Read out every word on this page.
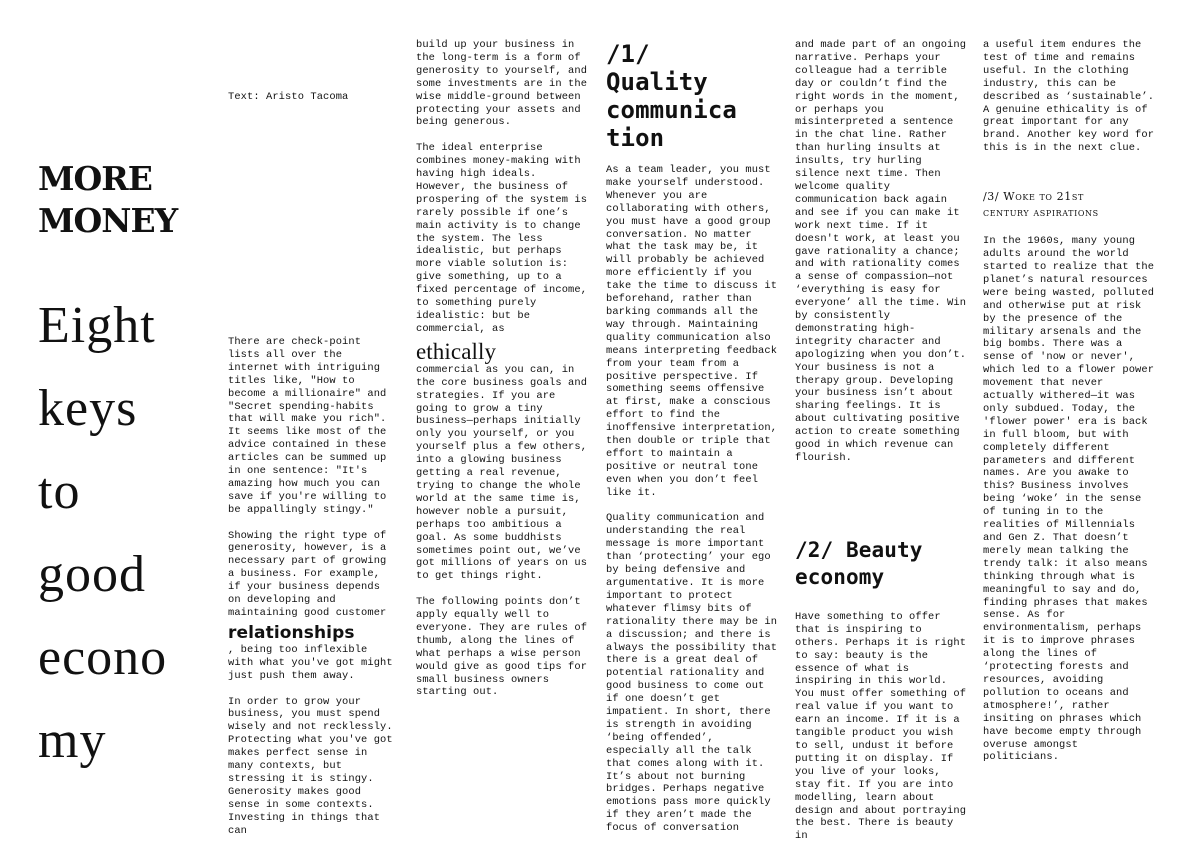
Text: Aristo Tacoma
MORE
MONEY
Eight
keys
to
good
econo
my

There are check-point lists all over the internet with intriguing titles like, "How to become a millionaire" and "Secret spending-habits that will make you rich". It seems like most of the advice contained in these articles can be summed up in one sentence: "It's amazing how much you can save if you're willing to be appallingly stingy."

Showing the right type of generosity, however, is a necessary part of growing a business. For example, if your business depends on developing and maintaining good customer

relationships

, being too inflexible with what you've got might just push them away.

In order to grow your business, you must spend wisely and not recklessly. Protecting what you've got makes perfect sense in many contexts, but stressing it is stingy. Generosity makes good sense in some contexts. Investing in things that can

build up your business in the long-term is a form of generosity to yourself, and some investments are in the wise middle-ground between protecting your assets and being generous.

The ideal enterprise combines money-making with having high ideals. However, the business of prospering of the system is rarely possible if one’s main activity is to change the system. The less idealistic, but perhaps more viable solution is: give something, up to a fixed percentage of income, to something purely idealistic: but be commercial, as

ethically

commercial as you can, in the core business goals and strategies. If you are going to grow a tiny business—perhaps initially only you yourself, or you yourself plus a few others, into a glowing business getting a real revenue, trying to change the whole world at the same time is, however noble a pursuit, perhaps too ambitious a goal. As some buddhists sometimes point out, we’ve got millions of years on us to get things right.

The following points don’t apply equally well to everyone. They are rules of thumb, along the lines of what perhaps a wise person would give as good tips for small business owners starting out.

/1/
Quality
communica
tion

As a team leader, you must make yourself understood. Whenever you are collaborating with others, you must have a good group conversation. No matter what the task may be, it will probably be achieved more efficiently if you take the time to discuss it beforehand, rather than barking commands all the way through. Maintaining quality communication also means interpreting feedback from your team from a positive perspective. If something seems offensive at first, make a conscious effort to find the inoffensive interpretation, then double or triple that effort to maintain a positive or neutral tone even when you don’t feel like it.

Quality communication and understanding the real message is more important than ‘protecting’ your ego by being defensive and argumentative. It is more important to protect whatever flimsy bits of rationality there may be in a discussion; and there is always the possibility that there is a great deal of potential rationality and good business to come out if one doesn’t get impatient. In short, there is strength in avoiding ‘being offended’, especially all the talk that comes along with it. It’s about not burning bridges. Perhaps negative emotions pass more quickly if they aren’t made the focus of conversation

and made part of an ongoing narrative. Perhaps your colleague had a terrible day or couldn’t find the right words in the moment, or perhaps you misinterpreted a sentence in the chat line. Rather than hurling insults at insults, try hurling silence next time. Then welcome quality communication back again and see if you can make it work next time. If it doesn't work, at least you gave rationality a chance; and with rationality comes a sense of compassion—not ‘everything is easy for everyone’ all the time. Win by consistently demonstrating high-integrity character and apologizing when you don’t. Your business is not a therapy group. Developing your business isn’t about sharing feelings. It is about cultivating positive action to create something good in which revenue can flourish.

/2/ Beauty
economy

Have something to offer that is inspiring to others. Perhaps it is right to say: beauty is the essence of what is inspiring in this world. You must offer something of real value if you want to earn an income. If it is a tangible product you wish to sell, undust it before putting it on display. If you live of your looks, stay fit. If you are into modelling, learn about design and about portraying the best. There is beauty in

a useful item endures the test of time and remains useful. In the clothing industry, this can be described as ‘sustainable’. A genuine ethicality is of great important for any brand. Another key word for this is in the next clue.

/3/ Woke to 21st
century aspirations

In the 1960s, many young adults around the world started to realize that the planet’s natural resources were being wasted, polluted and otherwise put at risk by the presence of the military arsenals and the big bombs. There was a sense of 'now or never', which led to a flower power movement that never actually withered—it was only subdued. Today, the 'flower power' era is back in full bloom, but with completely different parameters and different names. Are you awake to this? Business involves being ‘woke’ in the sense of tuning in to the realities of Millennials and Gen Z. That doesn’t merely mean talking the trendy talk: it also means thinking through what is meaningful to say and do, finding phrases that makes sense. As for environmentalism, perhaps it is to improve phrases along the lines of ‘protecting forests and resources, avoiding pollution to oceans and atmosphere!’, rather insiting on phrases which have become empty through overuse amongst politicians.
